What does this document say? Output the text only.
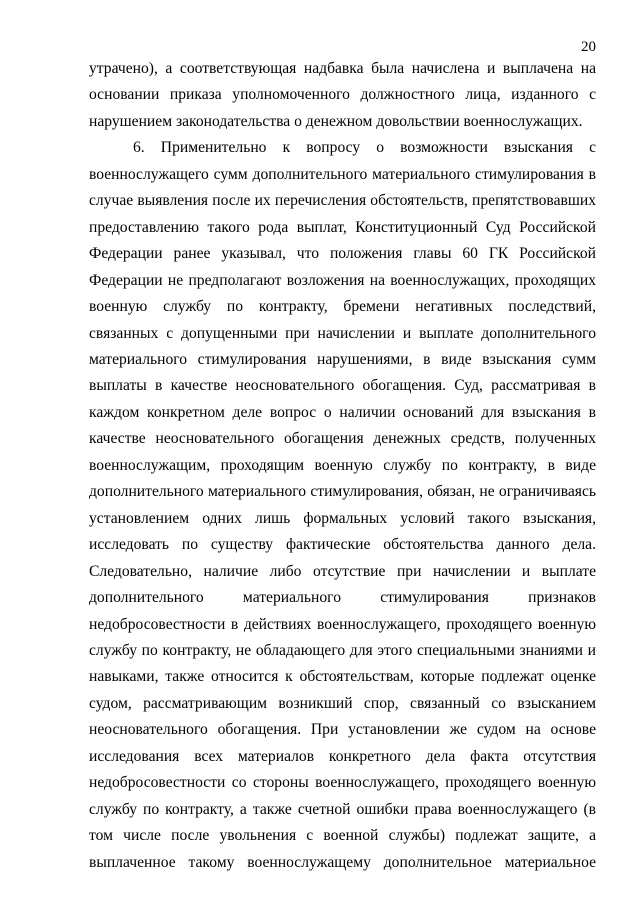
20

утрачено), а соответствующая надбавка была начислена и выплачена на основании приказа уполномоченного должностного лица, изданного с нарушением законодательства о денежном довольствии военнослужащих.

6. Применительно к вопросу о возможности взыскания с военнослужащего сумм дополнительного материального стимулирования в случае выявления после их перечисления обстоятельств, препятствовавших предоставлению такого рода выплат, Конституционный Суд Российской Федерации ранее указывал, что положения главы 60 ГК Российской Федерации не предполагают возложения на военнослужащих, проходящих военную службу по контракту, бремени негативных последствий, связанных с допущенными при начислении и выплате дополнительного материального стимулирования нарушениями, в виде взыскания сумм выплаты в качестве неосновательного обогащения. Суд, рассматривая в каждом конкретном деле вопрос о наличии оснований для взыскания в качестве неосновательного обогащения денежных средств, полученных военнослужащим, проходящим военную службу по контракту, в виде дополнительного материального стимулирования, обязан, не ограничиваясь установлением одних лишь формальных условий такого взыскания, исследовать по существу фактические обстоятельства данного дела. Следовательно, наличие либо отсутствие при начислении и выплате дополнительного материального стимулирования признаков недобросовестности в действиях военнослужащего, проходящего военную службу по контракту, не обладающего для этого специальными знаниями и навыками, также относится к обстоятельствам, которые подлежат оценке судом, рассматривающим возникший спор, связанный со взысканием неосновательного обогащения. При установлении же судом на основе исследования всех материалов конкретного дела факта отсутствия недобросовестности со стороны военнослужащего, проходящего военную службу по контракту, а также счетной ошибки права военнослужащего (в том числе после увольнения с военной службы) подлежат защите, а выплаченное такому военнослужащему дополнительное материальное
